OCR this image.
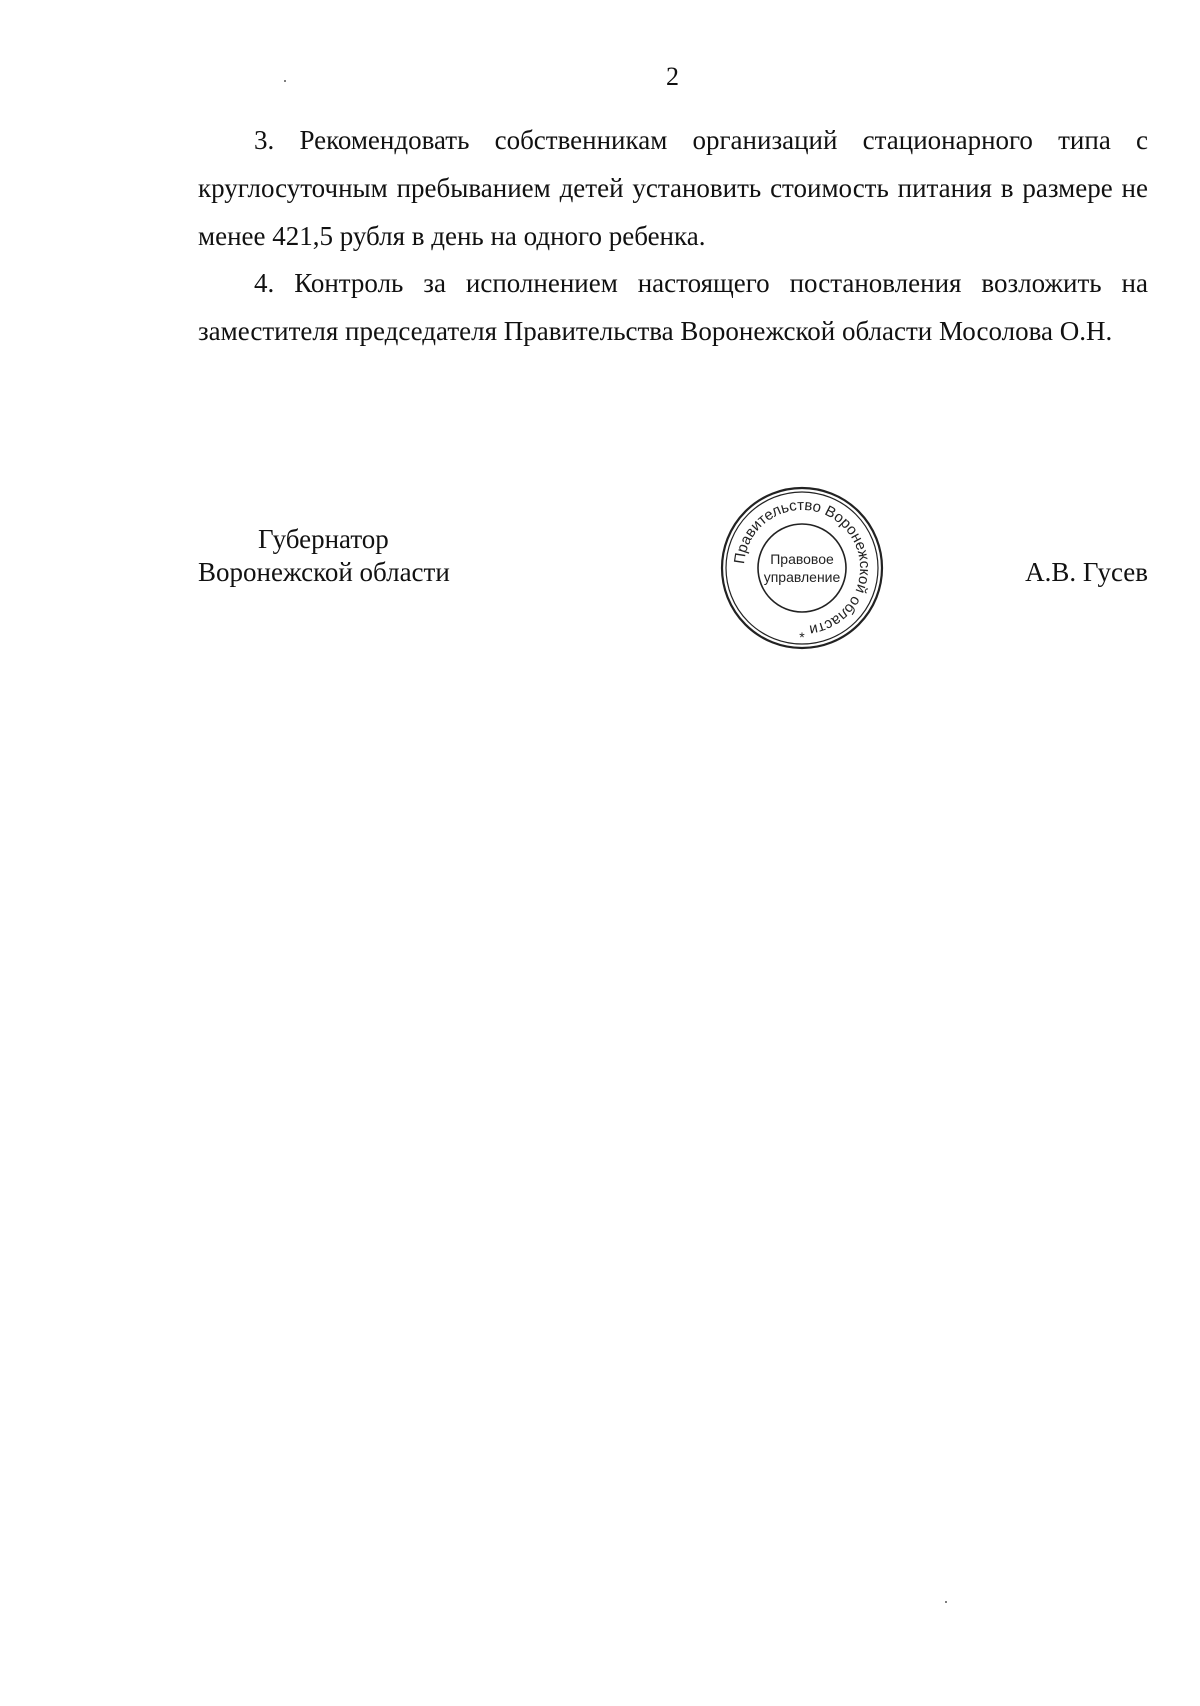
2
3. Рекомендовать собственникам организаций стационарного типа с круглосуточным пребыванием детей установить стоимость питания в размере не менее 421,5 рубля в день на одного ребенка.
4. Контроль за исполнением настоящего постановления возложить на заместителя председателя Правительства Воронежской области Мосолова О.Н.
Губернатор
Воронежской области	Правительство Воронежской области
Правовое
управление
*
А.В. Гусев
